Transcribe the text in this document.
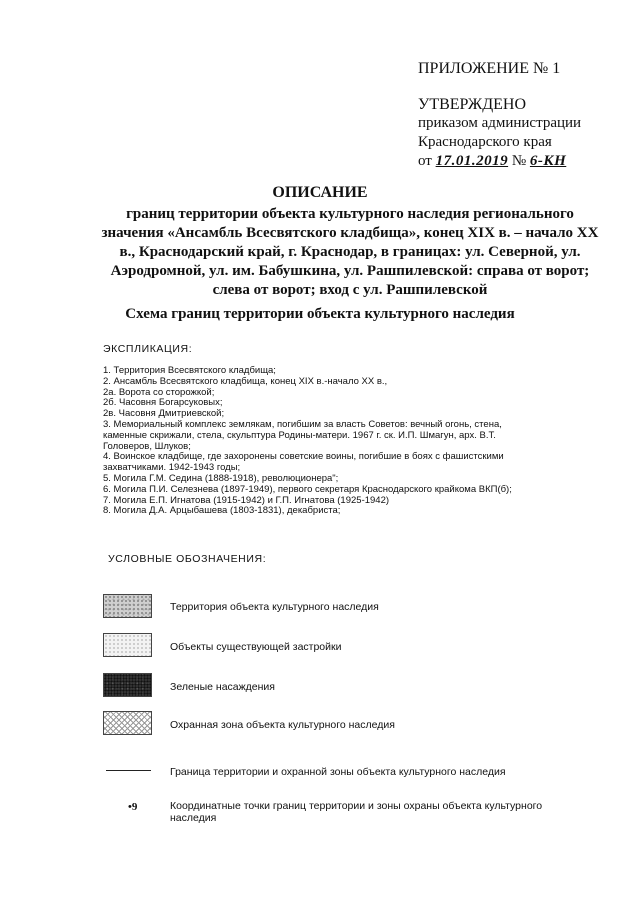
ПРИЛОЖЕНИЕ № 1
УТВЕРЖДЕНО
приказом администрации
Краснодарского края
от 17.01.2019 № 6-КН
ОПИСАНИЕ
границ территории объекта культурного наследия регионального значения «Ансамбль Всесвятского кладбища», конец XIX в. – начало XX в., Краснодарский край, г. Краснодар, в границах: ул. Северной, ул. Аэродромной, ул. им. Бабушкина, ул. Рашпилевской: справа от ворот; слева от ворот; вход с ул. Рашпилевской
Схема границ территории объекта культурного наследия
ЭКСПЛИКАЦИЯ:
1. Территория Всесвятского кладбища;
2. Ансамбль Всесвятского кладбища, конец XIX в.-начало XX в.,
2а. Ворота со сторожкой;
2б. Часовня Богарсуковых;
2в. Часовня Дмитриевской;
3. Мемориальный комплекс землякам, погибшим за власть Советов: вечный огонь, стена, каменные скрижали, стела, скульптура Родины-матери. 1967 г. ск. И.П. Шмагун, арх. В.Т. Головеров, Шлуков;
4. Воинское кладбище, где захоронены советские воины, погибшие в боях с фашистскими захватчиками. 1942-1943 годы;
5. Могила Г.М. Седина (1888-1918), революционера";
6. Могила П.И. Селезнева (1897-1949), первого секретаря Краснодарского крайкома ВКП(б);
7. Могила Е.П. Игнатова (1915-1942) и Г.П. Игнатова (1925-1942)
8. Могила Д.А. Арцыбашева (1803-1831), декабриста;
УСЛОВНЫЕ ОБОЗНАЧЕНИЯ:
Территория объекта культурного наследия
Объекты существующей застройки
Зеленые насаждения
Охранная зона объекта культурного наследия
Граница территории и охранной зоны объекта культурного наследия
•9	Координатные точки границ территории и зоны охраны объекта культурного наследия
